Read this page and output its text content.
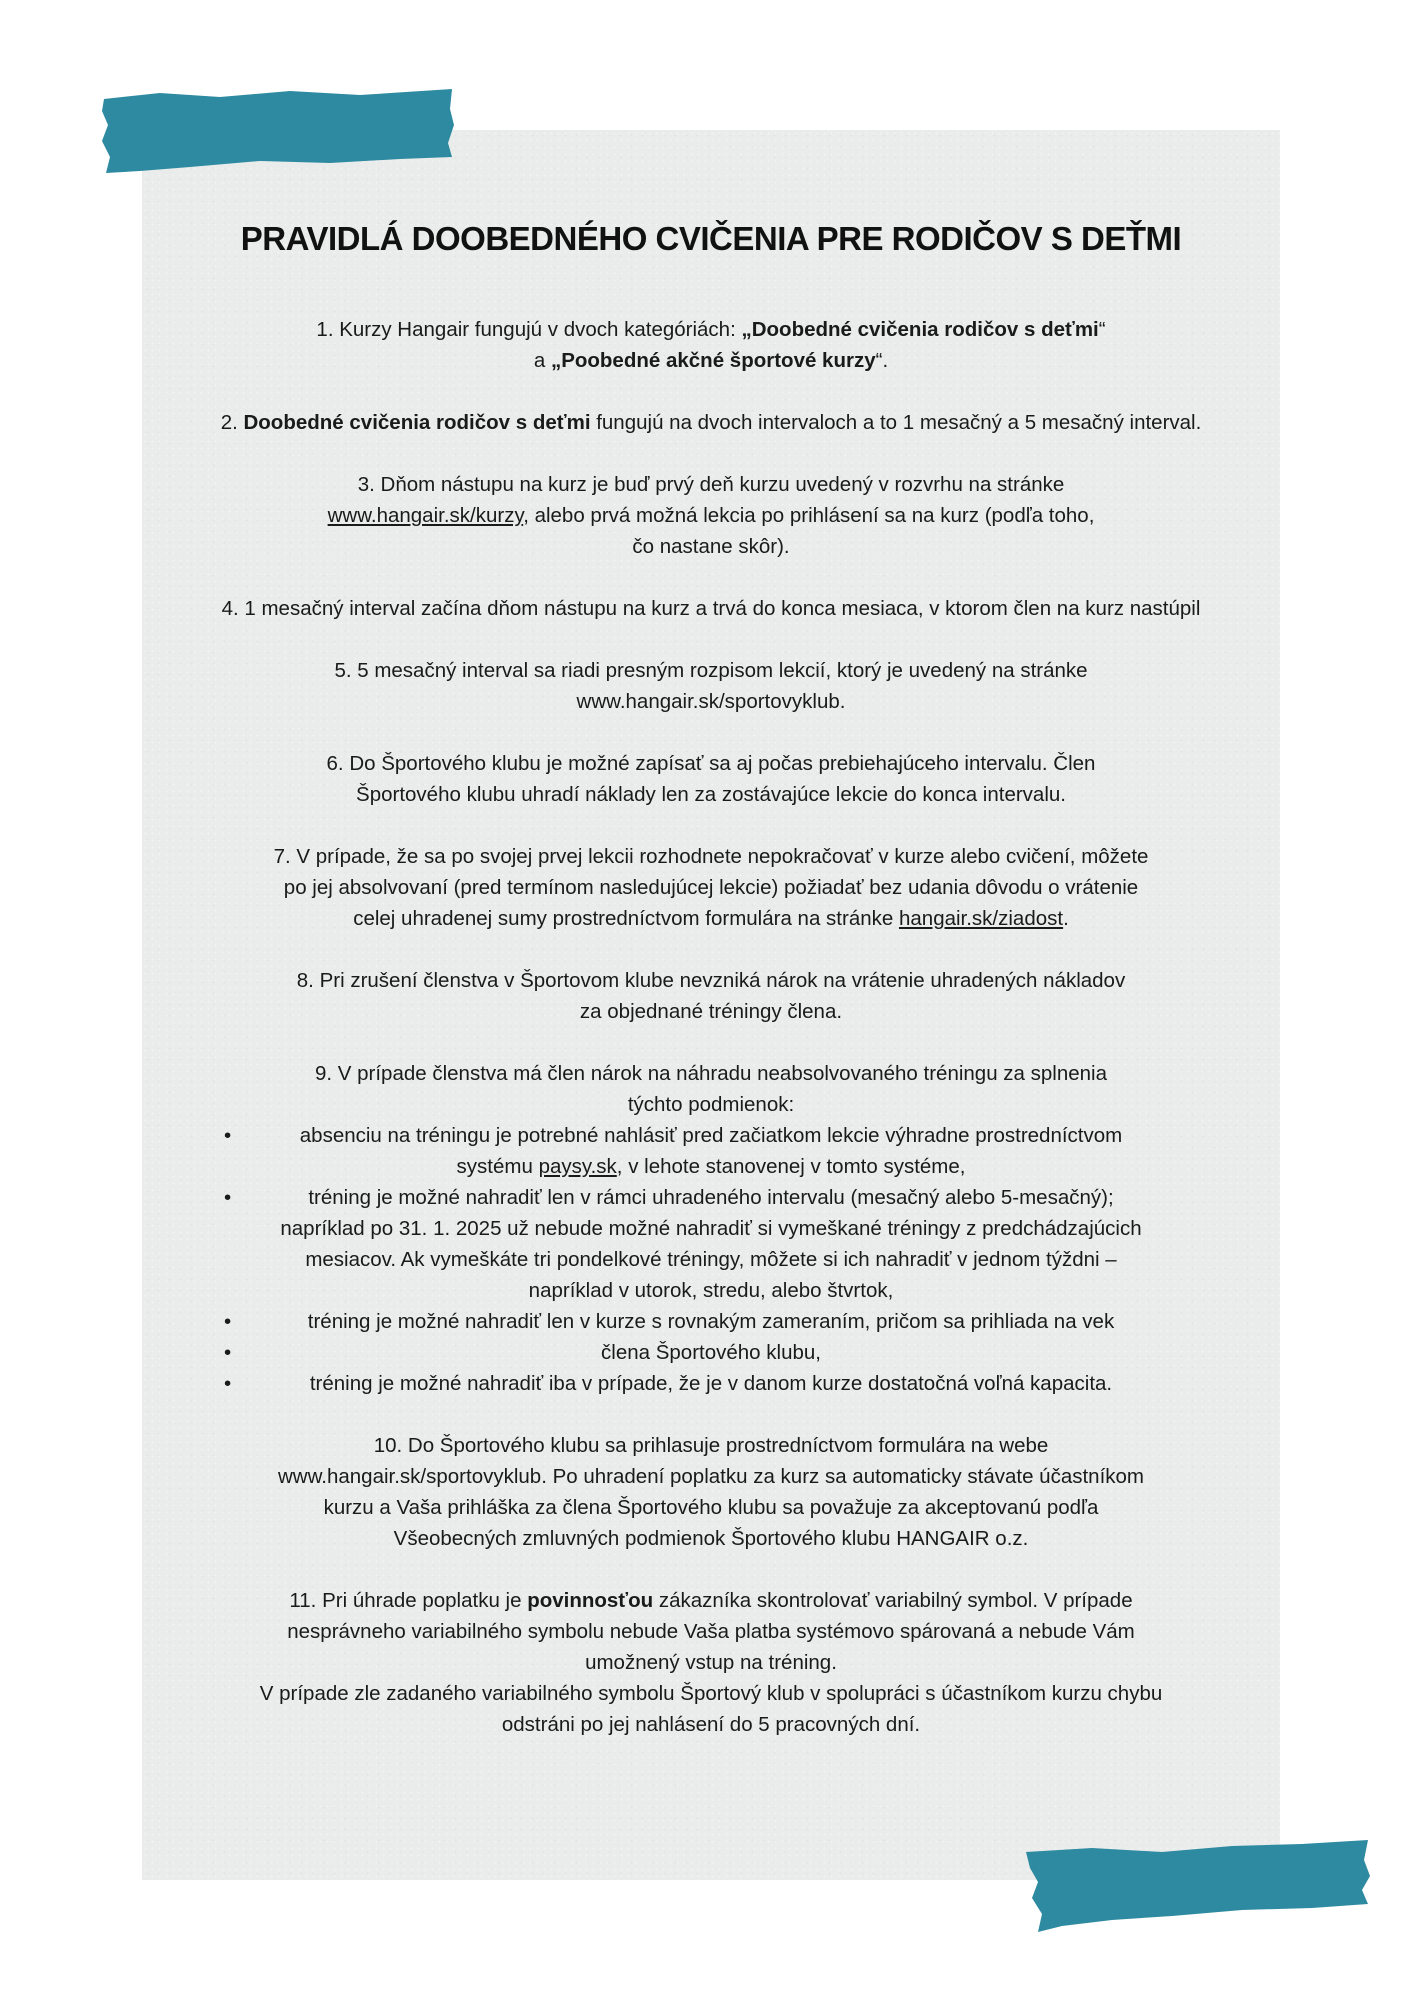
PRAVIDLÁ DOOBEDNÉHO CVIČENIA PRE RODIČOV S DEŤMI

1. Kurzy Hangair fungujú v dvoch kategóriách: „Doobedné cvičenia rodičov s deťmi“
a „Poobedné akčné športové kurzy“.

2. Doobedné cvičenia rodičov s deťmi fungujú na dvoch intervaloch a to 1 mesačný a 5 mesačný interval.

3. Dňom nástupu na kurz je buď prvý deň kurzu uvedený v rozvrhu na stránke
www.hangair.sk/kurzy, alebo prvá možná lekcia po prihlásení sa na kurz (podľa toho,
čo nastane skôr).

4. 1 mesačný interval začína dňom nástupu na kurz a trvá do konca mesiaca, v ktorom člen na kurz nastúpil

5. 5 mesačný interval sa riadi presným rozpisom lekcií, ktorý je uvedený na stránke
www.hangair.sk/sportovyklub.

6. Do Športového klubu je možné zapísať sa aj počas prebiehajúceho intervalu. Člen
Športového klubu uhradí náklady len za zostávajúce lekcie do konca intervalu.

7. V prípade, že sa po svojej prvej lekcii rozhodnete nepokračovať v kurze alebo cvičení, môžete
po jej absolvovaní (pred termínom nasledujúcej lekcie) požiadať bez udania dôvodu o vrátenie
celej uhradenej sumy prostredníctvom formulára na stránke hangair.sk/ziadost.

8. Pri zrušení členstva v Športovom klube nevzniká nárok na vrátenie uhradených nákladov
za objednané tréningy člena.

9. V prípade členstva má člen nárok na náhradu neabsolvovaného tréningu za splnenia
týchto podmienok:

•	absenciu na tréningu je potrebné nahlásiť pred začiatkom lekcie výhradne prostredníctvom
systému paysy.sk, v lehote stanovenej v tomto systéme,
•	tréning je možné nahradiť len v rámci uhradeného intervalu (mesačný alebo 5-mesačný);
napríklad po 31. 1. 2025 už nebude možné nahradiť si vymeškané tréningy z predchádzajúcich
mesiacov. Ak vymeškáte tri pondelkové tréningy, môžete si ich nahradiť v jednom týždni –
napríklad v utorok, stredu, alebo štvrtok,
•	tréning je možné nahradiť len v kurze s rovnakým zameraním, pričom sa prihliada na vek
•	člena Športového klubu,
•	tréning je možné nahradiť iba v prípade, že je v danom kurze dostatočná voľná kapacita.

10. Do Športového klubu sa prihlasuje prostredníctvom formulára na webe
www.hangair.sk/sportovyklub. Po uhradení poplatku za kurz sa automaticky stávate účastníkom
kurzu a Vaša prihláška za člena Športového klubu sa považuje za akceptovanú podľa
Všeobecných zmluvných podmienok Športového klubu HANGAIR o.z.

11. Pri úhrade poplatku je povinnosťou zákazníka skontrolovať variabilný symbol. V prípade
nesprávneho variabilného symbolu nebude Vaša platba systémovo spárovaná a nebude Vám
umožnený vstup na tréning.
V prípade zle zadaného variabilného symbolu Športový klub v spolupráci s účastníkom kurzu chybu
odstráni po jej nahlásení do 5 pracovných dní.
